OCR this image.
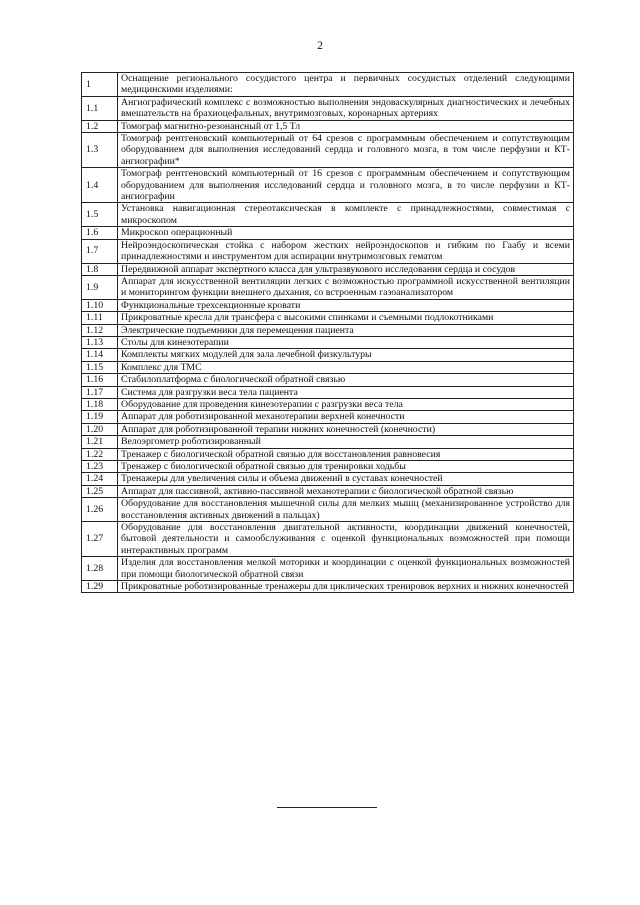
2
1	Оснащение регионального сосудистого центра и первичных сосудистых отделений следующими медицинскими изделиями:
1.1	Ангиографический комплекс с возможностью выполнения эндоваскулярных диагностических и лечебных вмешательств на брахиоцефальных, внутримозговых, коронарных артериях
1.2	Томограф магнитно-резонансный от 1,5 Тл
1.3	Томограф рентгеновский компьютерный от 64 срезов с программным обеспечением и сопутствующим оборудованием для выполнения исследований сердца и головного мозга, в том числе перфузии и КТ-ангиографии*
1.4	Томограф рентгеновский компьютерный от 16 срезов с программным обеспечением и сопутствующим оборудованием для выполнения исследований сердца и головного мозга, в то числе перфузии и КТ-ангиографии
1.5	Установка навигационная стереотаксическая в комплекте с принадлежностями, совместимая с микроскопом
1.6	Микроскоп операционный
1.7	Нейроэндоскопическая стойка с набором жестких нейроэндоскопов и гибким по Гаабу и всеми принадлежностями и инструментом для аспирации внутримозговых гематом
1.8	Передвижной аппарат экспертного класса для ультразвукового исследования сердца и сосудов
1.9	Аппарат для искусственной вентиляции легких с возможностью программной искусственной вентиляции и мониторингом функции внешнего дыхания, со встроенным газоанализатором
1.10	Функциональные трехсекционные кровати
1.11	Прикроватные кресла для трансфера с высокими спинками и съемными подлокотниками
1.12	Электрические подъемники для перемещения пациента
1.13	Столы для кинезотерапии
1.14	Комплекты мягких модулей для зала лечебной физкультуры
1.15	Комплекс для ТМС
1.16	Стабилоплатформа с биологической обратной связью
1.17	Система для разгрузки веса тела пациента
1.18	Оборудование для проведения кинезотерапии с разгрузки веса тела
1.19	Аппарат для роботизированной механотерапии верхней конечности
1.20	Аппарат для роботизированной терапии нижних конечностей (конечности)
1.21	Велоэргометр роботизированный
1.22	Тренажер с биологической обратной связью для восстановления равновесия
1.23	Тренажер с биологической обратной связью для тренировки ходьбы
1.24	Тренажеры для увеличения силы и объема движений в суставах конечностей
1.25	Аппарат для пассивной, активно-пассивной механотерапии с биологической обратной связью
1.26	Оборудование для восстановления мышечной силы для мелких мышц (механизированное устройство для восстановления активных движений в пальцах)
1.27	Оборудование для восстановления двигательной активности, координации движений конечностей, бытовой деятельности и самообслуживания с оценкой функциональных возможностей при помощи интерактивных программ
1.28	Изделия для восстановления мелкой моторики и координации с оценкой функциональных возможностей при помощи биологической обратной связи
1.29	Прикроватные роботизированные тренажеры для циклических тренировок верхних и нижних конечностей
